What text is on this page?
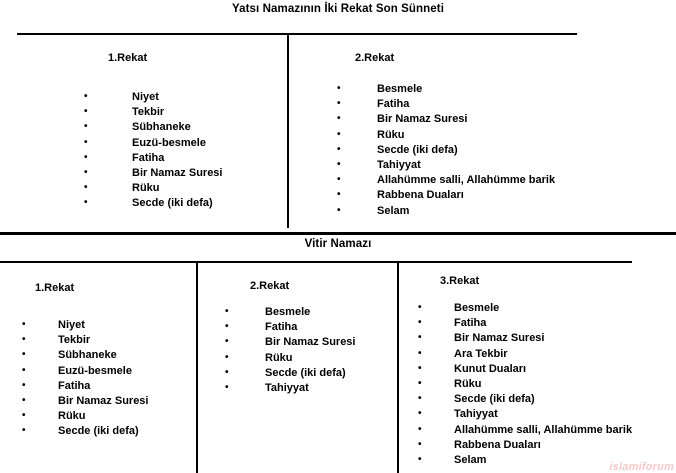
Yatsı Namazının İki Rekat Son Sünneti
1.Rekat
• Niyet
• Tekbir
• Sübhaneke
• Euzü-besmele
• Fatiha
• Bir Namaz Suresi
• Rüku
• Secde (iki defa)
2.Rekat
• Besmele
• Fatiha
• Bir Namaz Suresi
• Rüku
• Secde (iki defa)
• Tahiyyat
• Allahümme salli, Allahümme barik
• Rabbena Duaları
• Selam
Vitir Namazı
1.Rekat
• Niyet
• Tekbir
• Sübhaneke
• Euzü-besmele
• Fatiha
• Bir Namaz Suresi
• Rüku
• Secde (iki defa)
2.Rekat
• Besmele
• Fatiha
• Bir Namaz Suresi
• Rüku
• Secde (iki defa)
• Tahiyyat
3.Rekat
• Besmele
• Fatiha
• Bir Namaz Suresi
• Ara Tekbir
• Kunut Duaları
• Rüku
• Secde (iki defa)
• Tahiyyat
• Allahümme salli, Allahümme barik
• Rabbena Duaları
• Selam
islamiforum
